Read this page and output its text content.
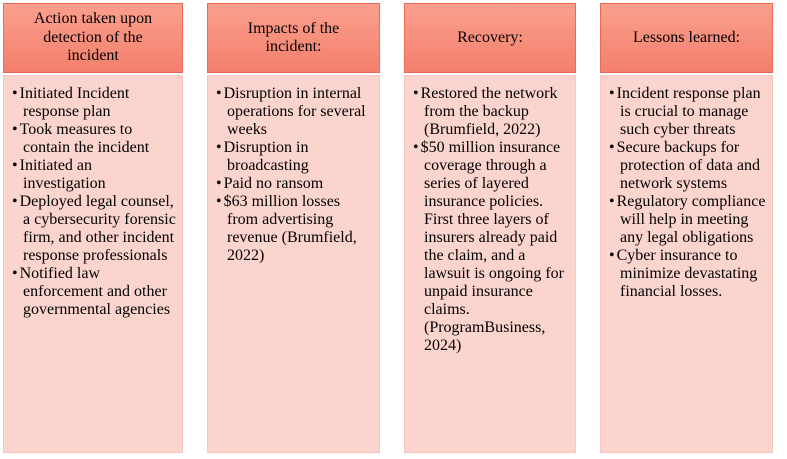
Action taken upon detection of the incident
• Initiated Incident response plan
• Took measures to contain the incident
• Initiated an investigation
• Deployed legal counsel, a cybersecurity forensic firm, and other incident response professionals
• Notified law enforcement and other governmental agencies
Impacts of the incident:
• Disruption in internal operations for several weeks
• Disruption in broadcasting
• Paid no ransom
• $63 million losses from advertising revenue (Brumfield, 2022)
Recovery:
• Restored the network from the backup (Brumfield, 2022)
• $50 million insurance coverage through a series of layered insurance policies. First three layers of insurers already paid the claim, and a lawsuit is ongoing for unpaid insurance claims. (ProgramBusiness, 2024)
Lessons learned:
• Incident response plan is crucial to manage such cyber threats
• Secure backups for protection of data and network systems
• Regulatory compliance will help in meeting any legal obligations
• Cyber insurance to minimize devastating financial losses.
